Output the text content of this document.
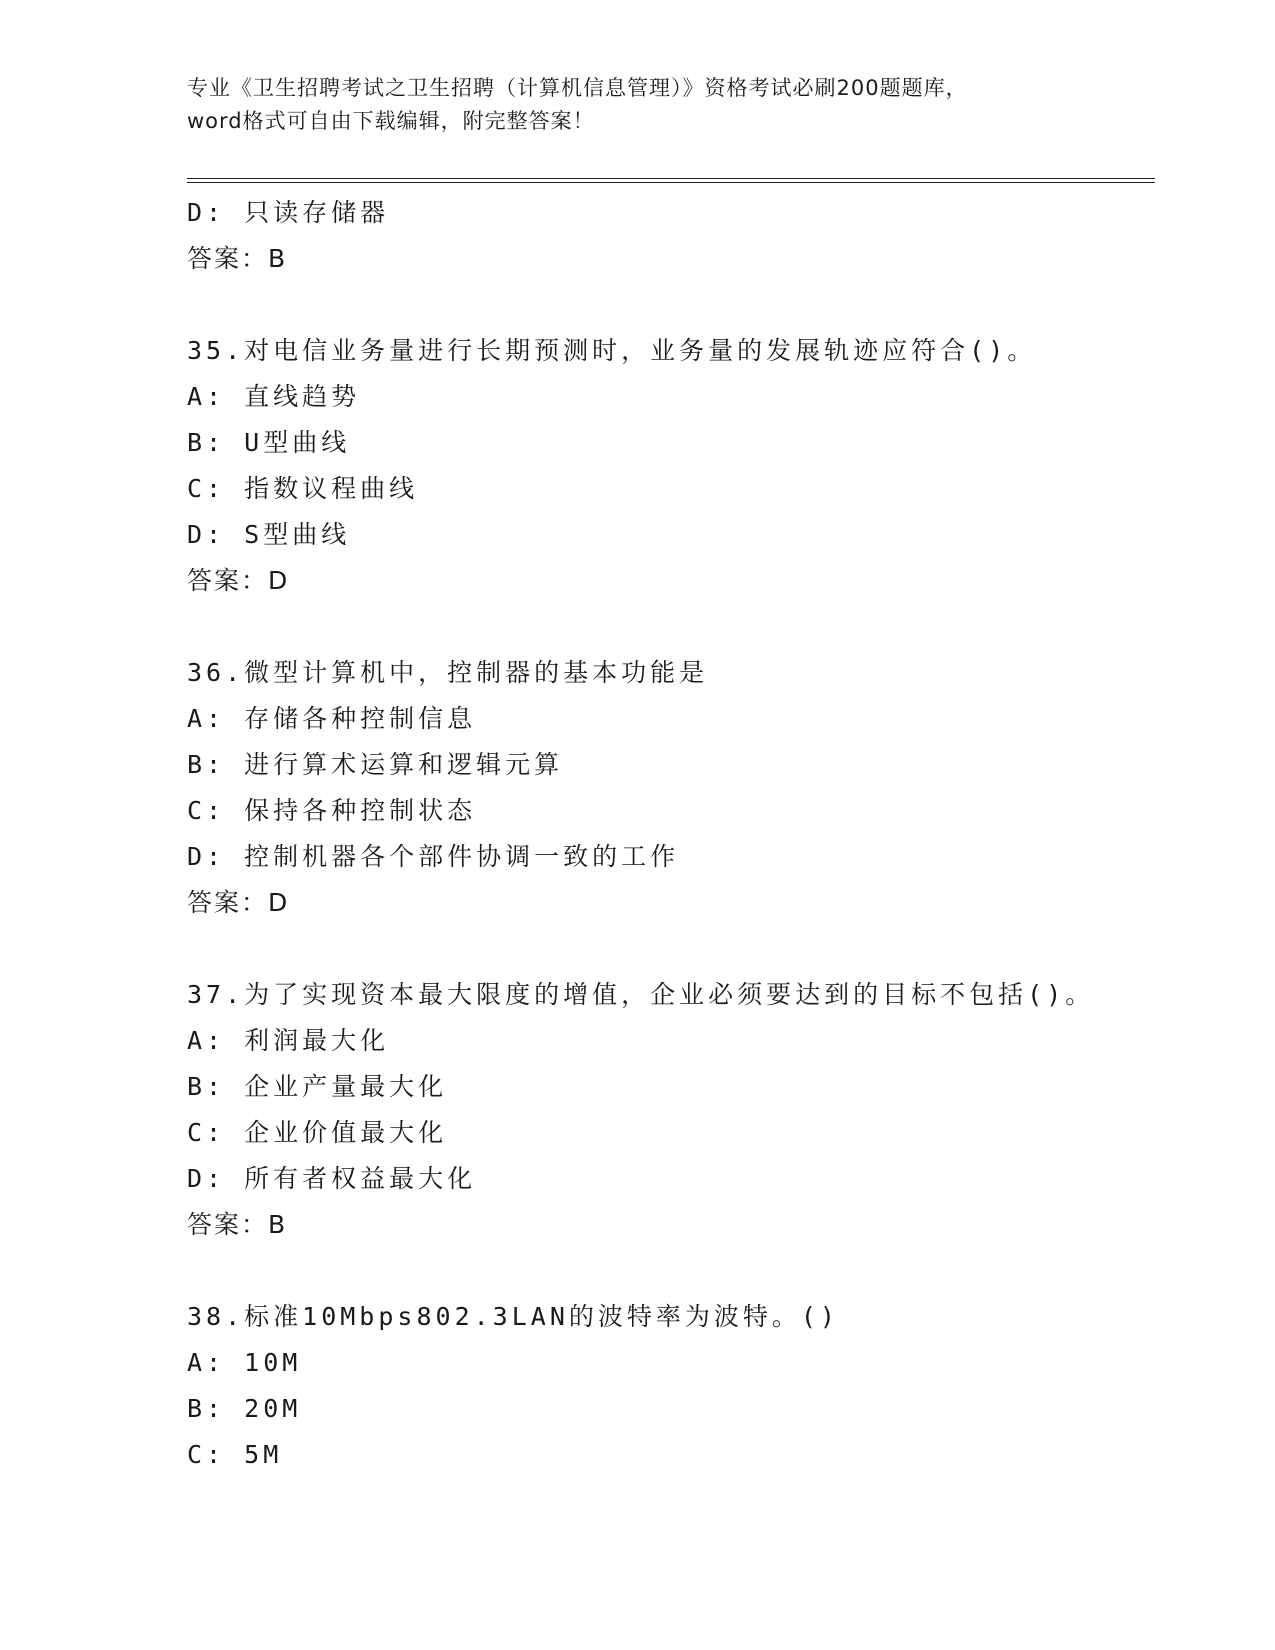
专业《卫生招聘考试之卫生招聘（计算机信息管理）》资格考试必刷200题题库，
word格式可自由下载编辑，附完整答案！
D: 只读存储器
答案：B
35.对电信业务量进行长期预测时，业务量的发展轨迹应符合()。
A: 直线趋势
B: U型曲线
C: 指数议程曲线
D: S型曲线
答案：D
36.微型计算机中，控制器的基本功能是
A: 存储各种控制信息
B: 进行算术运算和逻辑元算
C: 保持各种控制状态
D: 控制机器各个部件协调一致的工作
答案：D
37.为了实现资本最大限度的增值，企业必须要达到的目标不包括()。
A: 利润最大化
B: 企业产量最大化
C: 企业价值最大化
D: 所有者权益最大化
答案：B
38.标准10Mbps802.3LAN的波特率为波特。()
A: 10M
B: 20M
C: 5M
